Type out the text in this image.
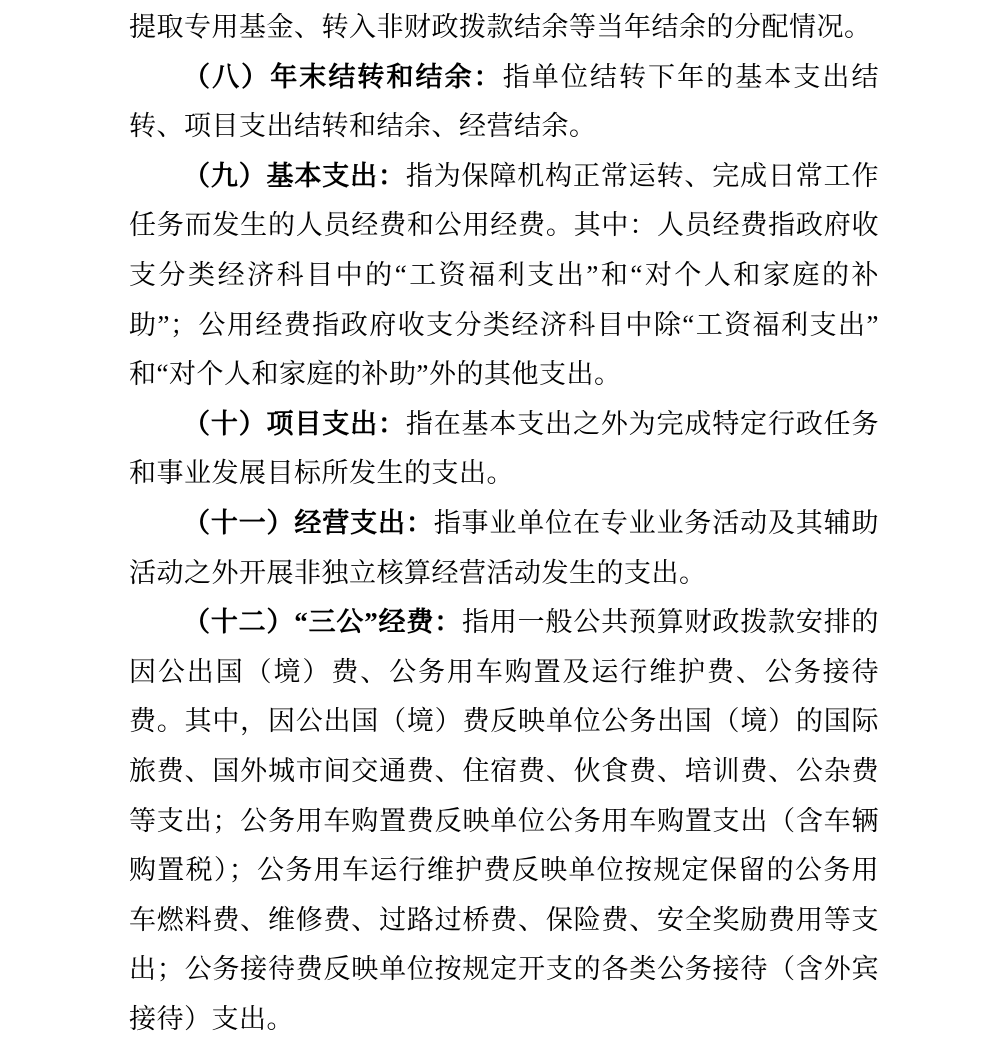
提取专用基金、转入非财政拨款结余等当年结余的分配情况。

（八）年末结转和结余：指单位结转下年的基本支出结转、项目支出结转和结余、经营结余。

（九）基本支出：指为保障机构正常运转、完成日常工作任务而发生的人员经费和公用经费。其中：人员经费指政府收支分类经济科目中的“工资福利支出”和“对个人和家庭的补助”；公用经费指政府收支分类经济科目中除“工资福利支出”和“对个人和家庭的补助”外的其他支出。

（十）项目支出：指在基本支出之外为完成特定行政任务和事业发展目标所发生的支出。

（十一）经营支出：指事业单位在专业业务活动及其辅助活动之外开展非独立核算经营活动发生的支出。

（十二）“三公”经费：指用一般公共预算财政拨款安排的因公出国（境）费、公务用车购置及运行维护费、公务接待费。其中，因公出国（境）费反映单位公务出国（境）的国际旅费、国外城市间交通费、住宿费、伙食费、培训费、公杂费等支出；公务用车购置费反映单位公务用车购置支出（含车辆购置税）；公务用车运行维护费反映单位按规定保留的公务用车燃料费、维修费、过路过桥费、保险费、安全奖励费用等支出；公务接待费反映单位按规定开支的各类公务接待（含外宾接待）支出。
